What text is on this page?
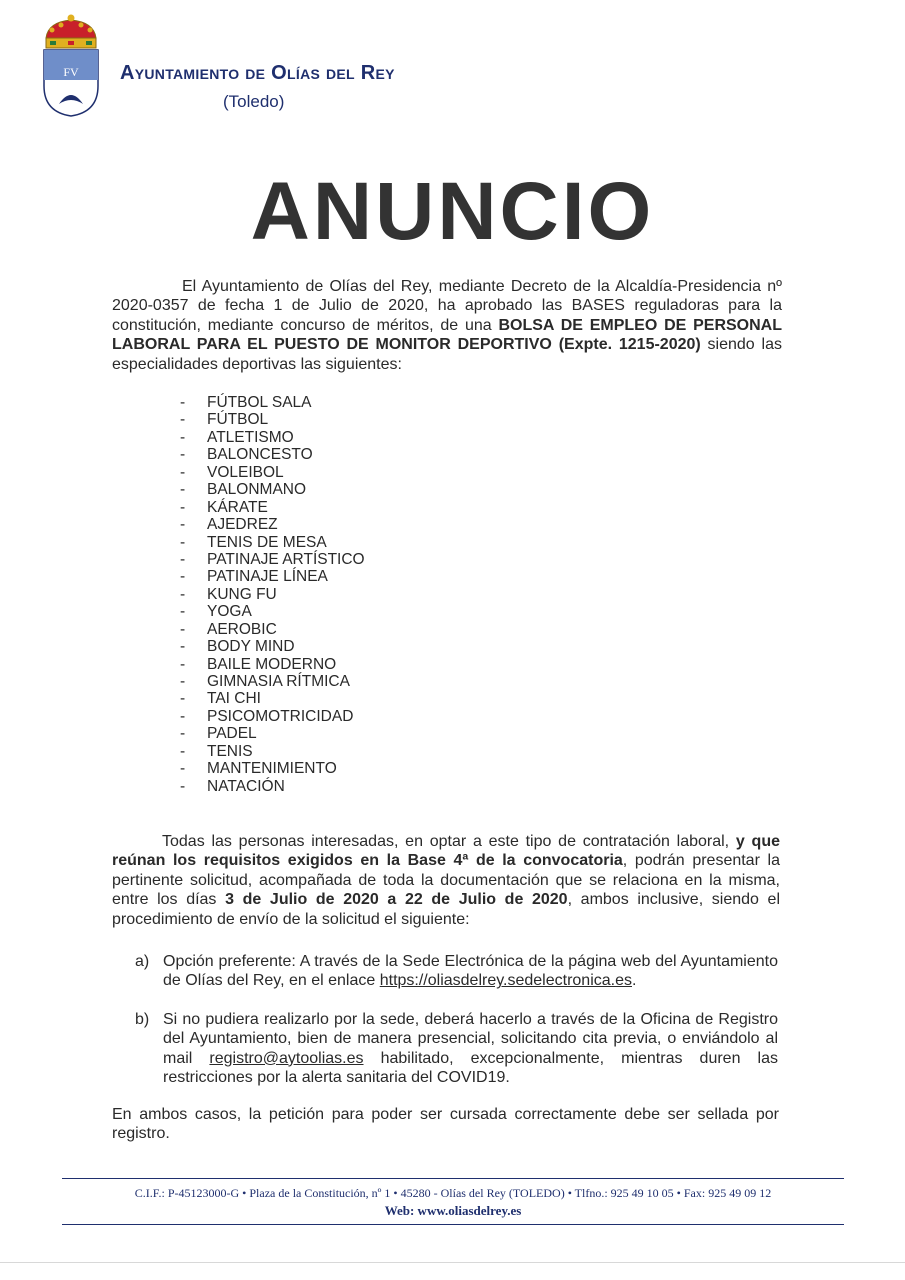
FV Ayuntamiento de Olías del Rey
(Toledo)
ANUNCIO

El Ayuntamiento de Olías del Rey, mediante Decreto de la Alcaldía-Presidencia nº 2020-0357 de fecha 1 de Julio de 2020, ha aprobado las BASES reguladoras para la constitución, mediante concurso de méritos, de una BOLSA DE EMPLEO DE PERSONAL LABORAL PARA EL PUESTO DE MONITOR DEPORTIVO (Expte. 1215-2020) siendo las especialidades deportivas las siguientes:

- FÚTBOL SALA
- FÚTBOL
- ATLETISMO
- BALONCESTO
- VOLEIBOL
- BALONMANO
- KÁRATE
- AJEDREZ
- TENIS DE MESA
- PATINAJE ARTÍSTICO
- PATINAJE LÍNEA
- KUNG FU
- YOGA
- AEROBIC
- BODY MIND
- BAILE MODERNO
- GIMNASIA RÍTMICA
- TAI CHI
- PSICOMOTRICIDAD
- PADEL
- TENIS
- MANTENIMIENTO
- NATACIÓN

Todas las personas interesadas, en optar a este tipo de contratación laboral, y que reúnan los requisitos exigidos en la Base 4ª de la convocatoria, podrán presentar la pertinente solicitud, acompañada de toda la documentación que se relaciona en la misma, entre los días 3 de Julio de 2020 a 22 de Julio de 2020, ambos inclusive, siendo el procedimiento de envío de la solicitud el siguiente:

a) Opción preferente: A través de la Sede Electrónica de la página web del Ayuntamiento de Olías del Rey, en el enlace https://oliasdelrey.sedelectronica.es.
b) Si no pudiera realizarlo por la sede, deberá hacerlo a través de la Oficina de Registro del Ayuntamiento, bien de manera presencial, solicitando cita previa, o enviándolo al mail registro@aytoolias.es habilitado, excepcionalmente, mientras duren las restricciones por la alerta sanitaria del COVID19.

En ambos casos, la petición para poder ser cursada correctamente debe ser sellada por registro.

C.I.F.: P-45123000-G • Plaza de la Constitución, nº 1 • 45280 - Olías del Rey (TOLEDO) • Tlfno.: 925 49 10 05 • Fax: 925 49 09 12
Web: www.oliasdelrey.es
